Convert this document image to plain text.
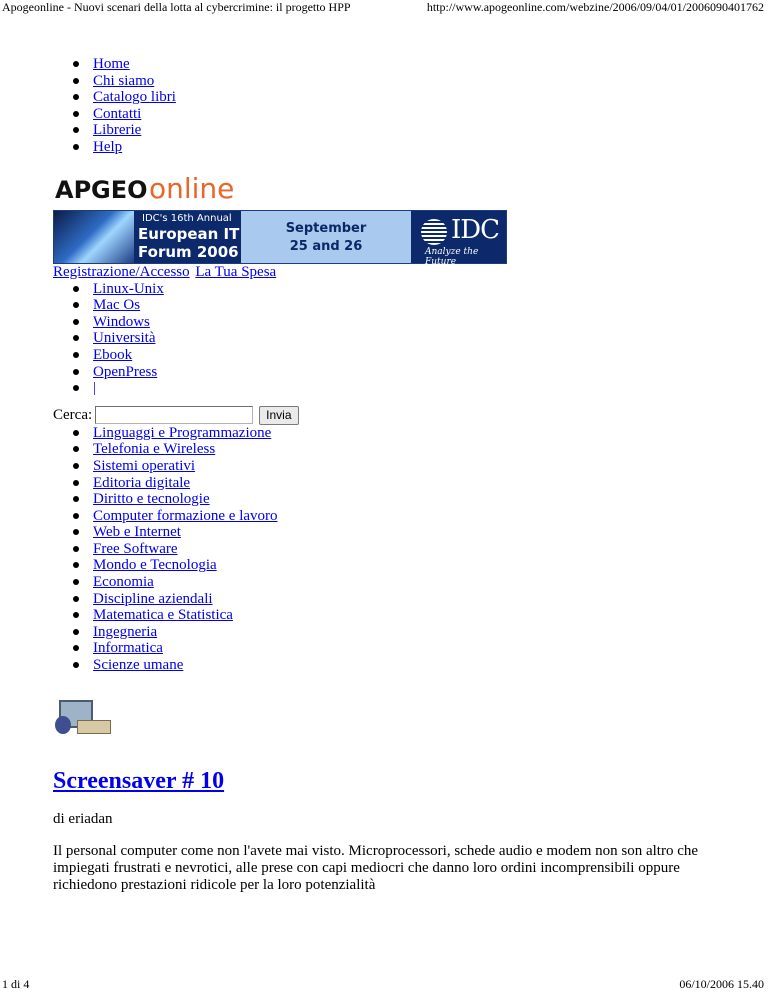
Apogeonline - Nuovi scenari della lotta al cybercrimine: il progetto HPP	http://www.apogeonline.com/webzine/2006/09/04/01/2006090401762
Home
Chi siamo
Catalogo libri
Contatti
Librerie
Help
AP GEO online
IDC's 16th Annual
European IT
Forum 2006
September
25 and 26
IDC
Analyze the Future
Registrazione/Accesso La Tua Spesa
Linux-Unix
Mac Os
Windows
Università
Ebook
OpenPress
|
Cerca:	Invia
Linguaggi e Programmazione
Telefonia e Wireless
Sistemi operativi
Editoria digitale
Diritto e tecnologie
Computer formazione e lavoro
Web e Internet
Free Software
Mondo e Tecnologia
Economia
Discipline aziendali
Matematica e Statistica
Ingegneria
Informatica
Scienze umane
Screensaver # 10
di eriadan
Il personal computer come non l'avete mai visto. Microprocessori, schede audio e modem non son altro che impiegati frustrati e nevrotici, alle prese con capi mediocri che danno loro ordini incomprensibili oppure richiedono prestazioni ridicole per la loro potenzialità
1 di 4	06/10/2006 15.40
